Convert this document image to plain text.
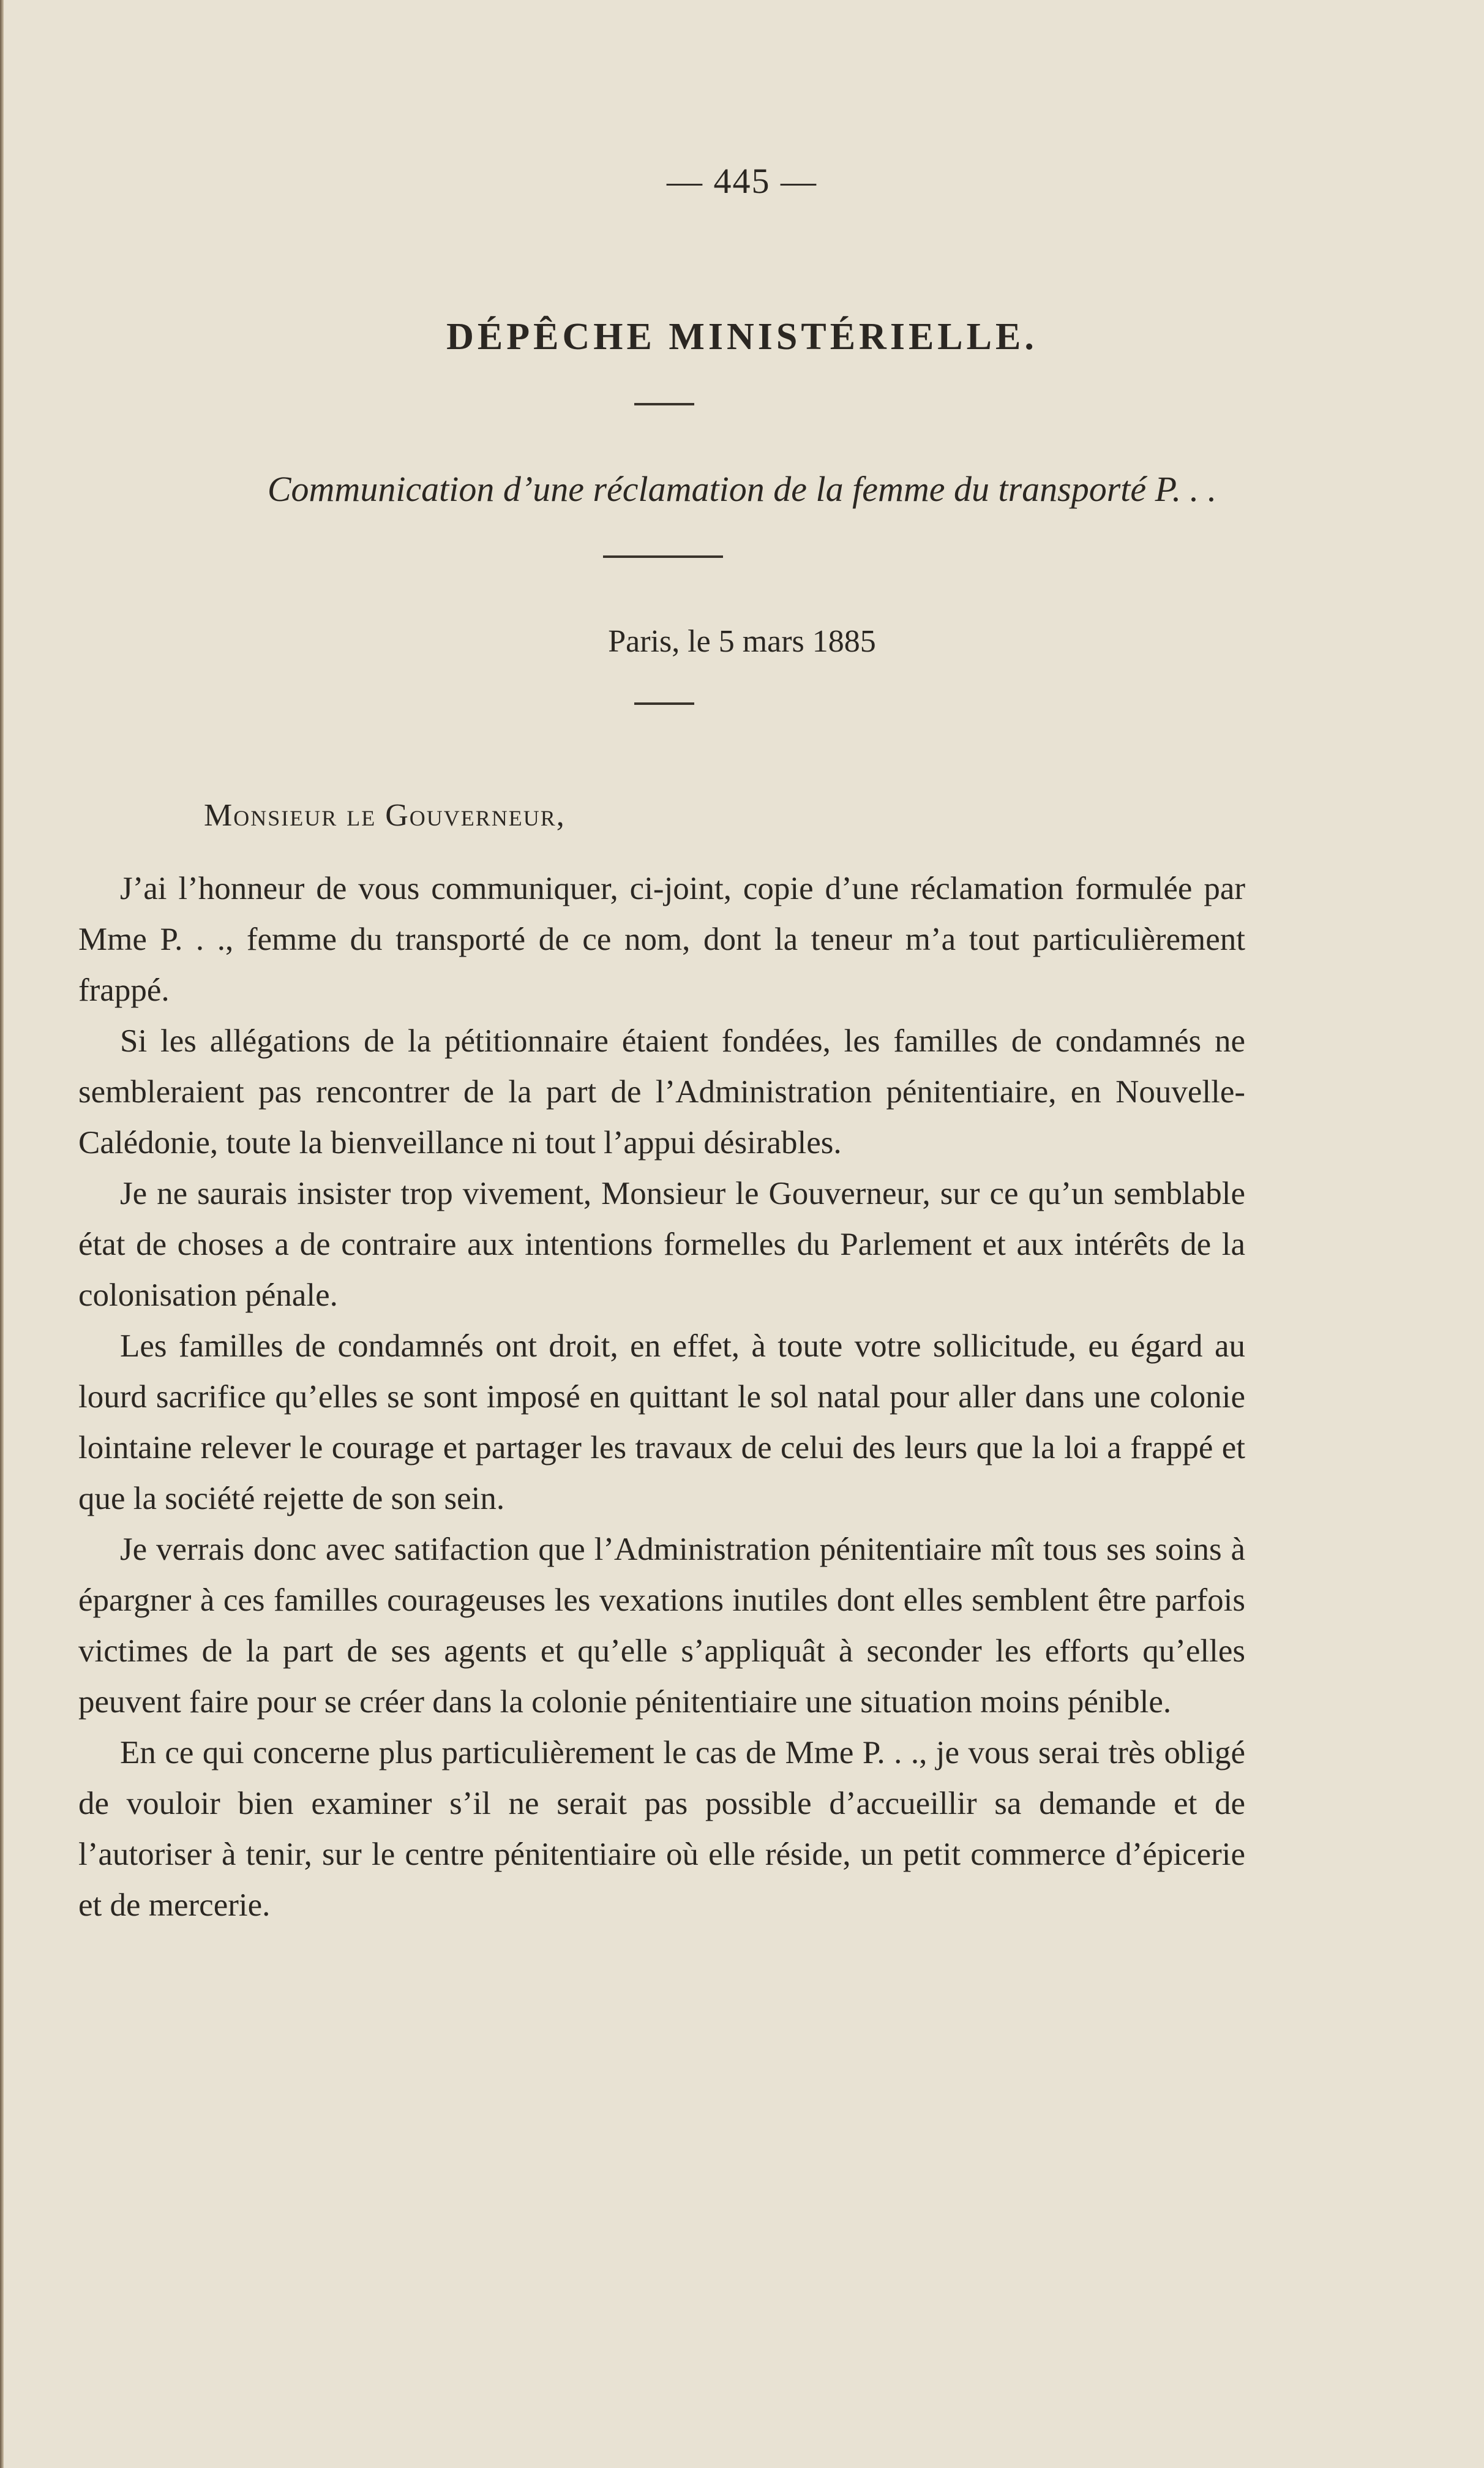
— 445 —
DÉPÊCHE MINISTÉRIELLE.
Communication d’une réclamation de la femme du transporté P. . .
Paris, le 5 mars 1885
Monsieur le Gouverneur,

J’ai l’honneur de vous communiquer, ci-joint, copie d’une réclamation formulée par Mme P. . ., femme du transporté de ce nom, dont la teneur m’a tout particulièrement frappé.

Si les allégations de la pétitionnaire étaient fondées, les familles de condamnés ne sembleraient pas rencontrer de la part de l’Administration pénitentiaire, en Nouvelle-Calédonie, toute la bienveillance ni tout l’appui désirables.

Je ne saurais insister trop vivement, Monsieur le Gouverneur, sur ce qu’un semblable état de choses a de contraire aux intentions formelles du Parlement et aux intérêts de la colonisation pénale.

Les familles de condamnés ont droit, en effet, à toute votre sollicitude, eu égard au lourd sacrifice qu’elles se sont imposé en quittant le sol natal pour aller dans une colonie lointaine relever le courage et partager les travaux de celui des leurs que la loi a frappé et que la société rejette de son sein.

Je verrais donc avec satifaction que l’Administration pénitentiaire mît tous ses soins à épargner à ces familles courageuses les vexations inutiles dont elles semblent être parfois victimes de la part de ses agents et qu’elle s’appliquât à seconder les efforts qu’elles peuvent faire pour se créer dans la colonie pénitentiaire une situation moins pénible.

En ce qui concerne plus particulièrement le cas de Mme P. . ., je vous serai très obligé de vouloir bien examiner s’il ne serait pas possible d’accueillir sa demande et de l’autoriser à tenir, sur le centre pénitentiaire où elle réside, un petit commerce d’épicerie et de mercerie.
